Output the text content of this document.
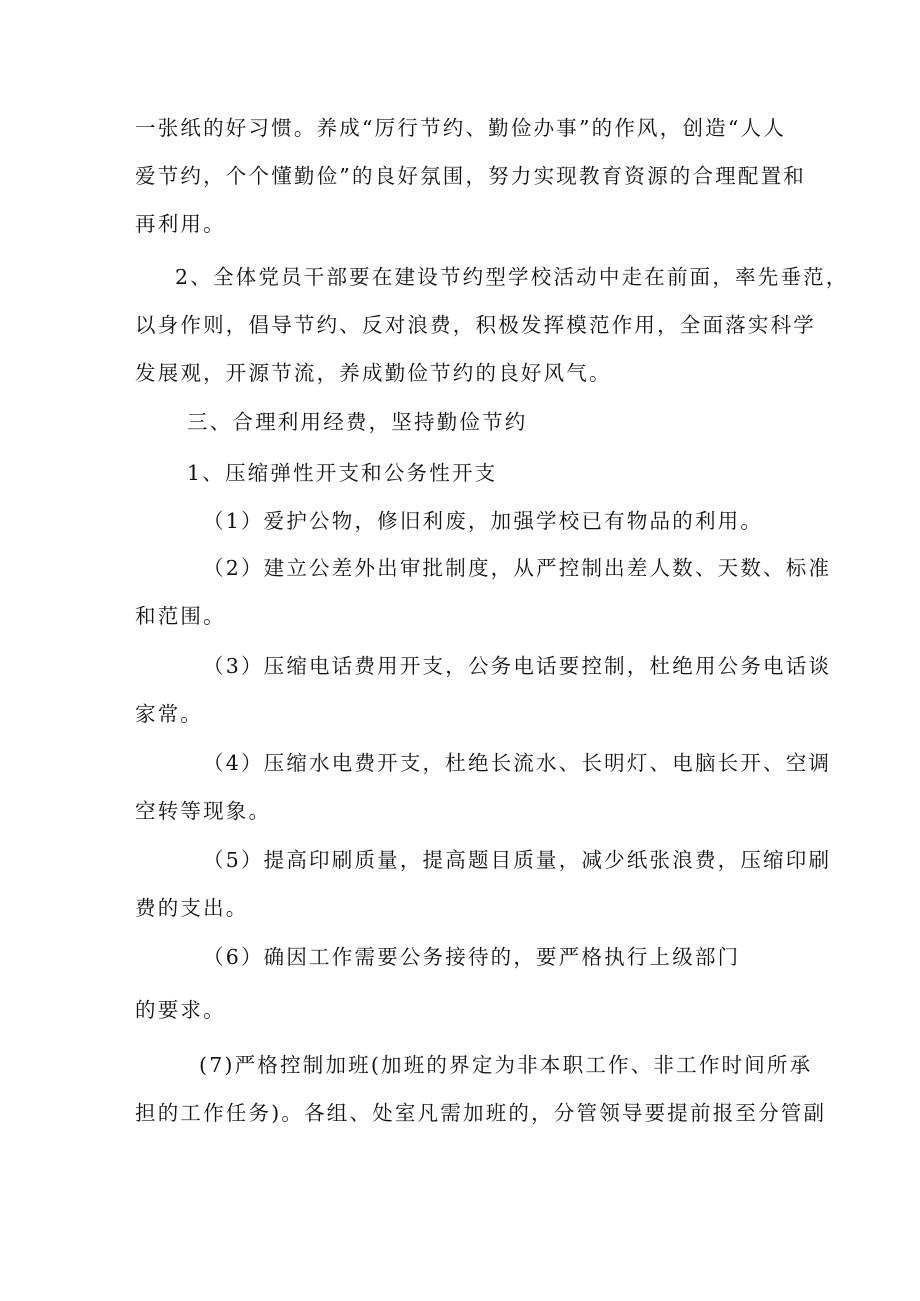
一张纸的好习惯。养成“厉行节约、勤俭办事”的作风，创造“人人
爱节约，个个懂勤俭”的良好氛围，努力实现教育资源的合理配置和
再利用。
2、全体党员干部要在建设节约型学校活动中走在前面，率先垂范，
以身作则，倡导节约、反对浪费，积极发挥模范作用，全面落实科学
发展观，开源节流，养成勤俭节约的良好风气。
三、合理利用经费，坚持勤俭节约
1、压缩弹性开支和公务性开支
（1）爱护公物，修旧利废，加强学校已有物品的利用。
（2）建立公差外出审批制度，从严控制出差人数、天数、标准
和范围。
（3）压缩电话费用开支，公务电话要控制，杜绝用公务电话谈
家常。
（4）压缩水电费开支，杜绝长流水、长明灯、电脑长开、空调
空转等现象。
（5）提高印刷质量，提高题目质量，减少纸张浪费，压缩印刷
费的支出。
（6）确因工作需要公务接待的，要严格执行上级部门
的要求。
(7)严格控制加班(加班的界定为非本职工作、非工作时间所承
担的工作任务)。各组、处室凡需加班的，分管领导要提前报至分管副
